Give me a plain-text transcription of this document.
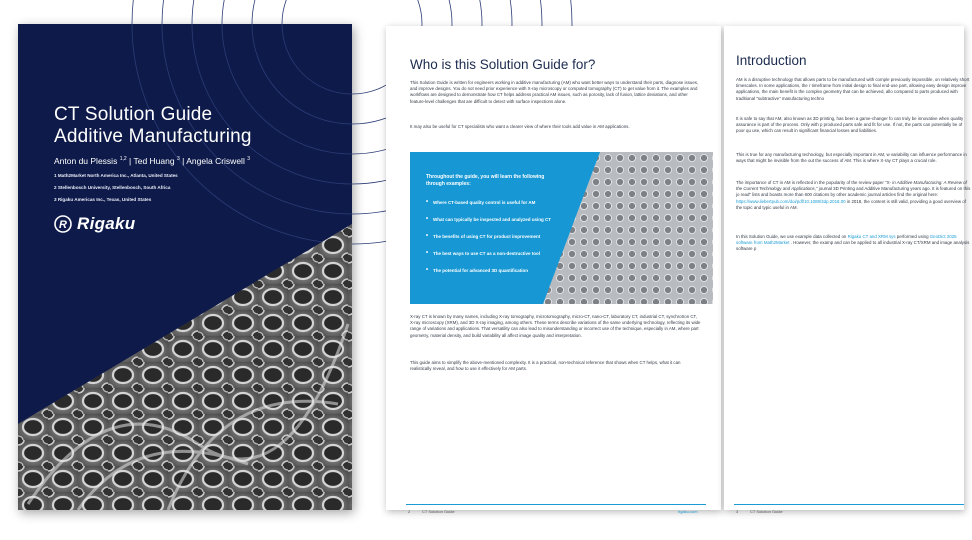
CT Solution Guide
Additive Manufacturing
Anton du Plessis $^{1,2}$ | Ted Huang $^3$ | Angela Criswell $^3$
1 Math2Market North America Inc., Atlanta, United States
2 Stellenbosch University, Stellenbosch, South Africa
3 Rigaku Americas Inc., Texas, United States
R Rigaku
Who is this Solution Guide for?

This Solution Guide is written for engineers working in additive manufacturing (AM) who want better ways to understand their parts, diagnose issues, and improve designs. You do not need prior experience with X-ray microscopy or computed tomography (CT) to get value from it. The examples and workflows are designed to demonstrate how CT helps address practical AM issues, such as porosity, lack of fusion, lattice deviations, and other feature-level challenges that are difficult to detect with surface inspections alone.

It may also be useful for CT specialists who want a clearer view of where their tools add value in AM applications.

Throughout the guide, you will learn the following through examples:
• Where CT-based quality control is useful for AM
• What can typically be inspected and analyzed using CT
• The benefits of using CT for product improvement
• The best ways to use CT as a non-destructive tool
• The potential for advanced 3D quantification

X-ray CT is known by many names, including X-ray tomography, microtomography, micro-CT, nano-CT, laboratory CT, industrial CT, synchrotron CT, X-ray microscopy (XRM), and 3D X-ray imaging, among others. These terms describe variations of the same underlying technology, reflecting its wide range of variations and applications. That versatility can also lead to misunderstanding or incorrect use of the technique, especially in AM, where part geometry, material density, and build variability all affect image quality and interpretation.

This guide aims to simplify the above-mentioned complexity. It is a practical, non-technical reference that shows when CT helps, what it can realistically reveal, and how to use it effectively for AM parts.

2	CT Solution Guide	rigaku.com
Introduction

AM is a disruptive technology that allows parts to be manufactured with comple previously impossible, on relatively short timescales. In some applications, the r timeframe from initial design to final end-use part, allowing easy design improve applications, the main benefit is the complex geometry that can be achieved, allo compared to parts produced with traditional "subtractive" manufacturing techno

It is safe to say that AM, also known as 3D printing, has been a game-changer fo can truly be innovative when quality assurance is part of the process. Only with p produced parts safe and fit for use. If not, the parts can potentially be of poor qu use, which can result in significant financial losses and liabilities.

This is true for any manufacturing technology, but especially important in AM, w variability can influence performance in ways that might be invisible from the out the success of AM. This is where X-ray CT plays a crucial role.

The importance of CT in AM is reflected in the popularity of the review paper "X- in Additive Manufacturing: A Review of the Current Technology and Applications," journal 3D Printing and Additive Manufacturing years ago. It is featured on this jo read" lists and boasts more than 600 citations by other academic journal articles find the original here: https://www.liebertpub.com/doi/pdf/10.1089/3dp.2018.00 in 2018, the content is still valid, providing a good overview of the topic and typic useful in AM.

In this Solution Guide, we use example data collected on Rigaku CT and XRM sys performed using GeoDict 2025 software from Math2Market . However, the examp and can be applied to all industrial X-ray CT/XRM and image analysis software p

3	CT Solution Guide
